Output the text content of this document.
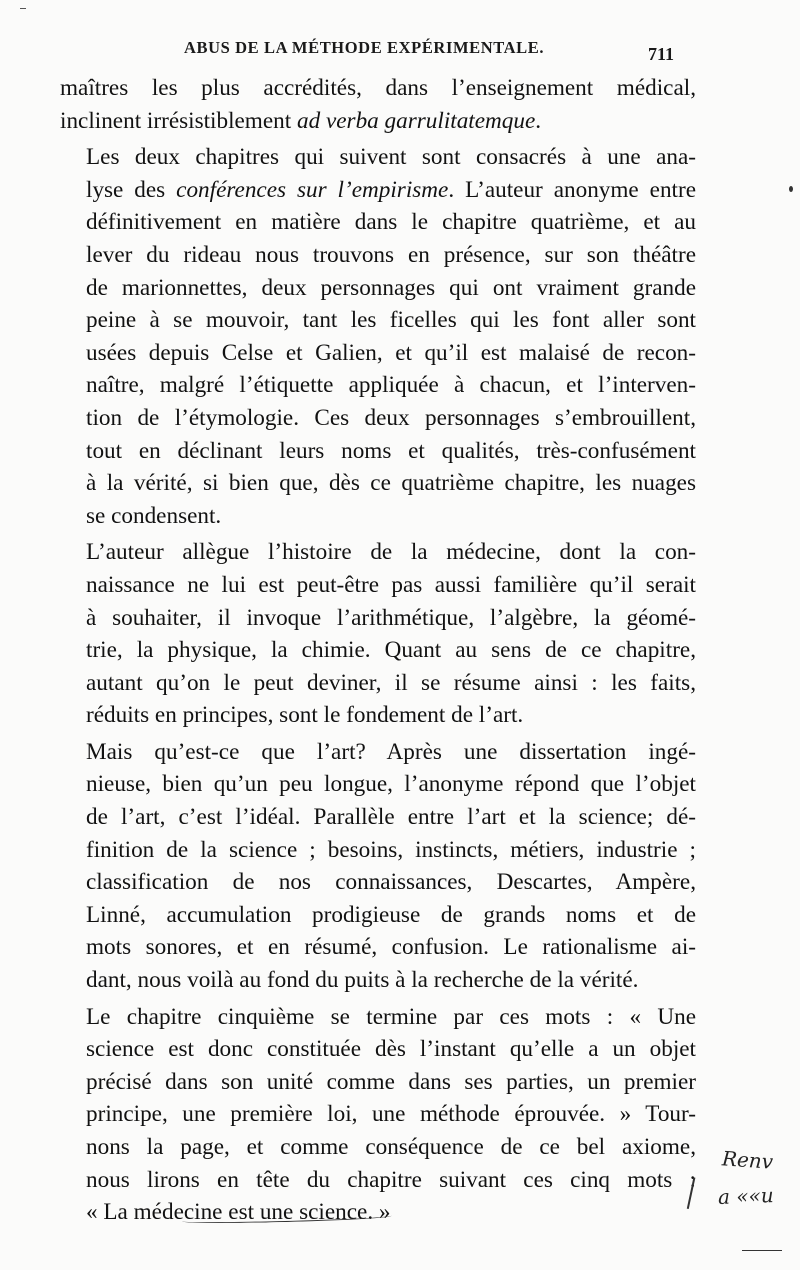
ABUS DE LA MÉTHODE EXPÉRIMENTALE.	711

maîtres les plus accrédités, dans l’enseignement médical,
inclinent irrésistiblement ad verba garrulitatemque.

Les deux chapitres qui suivent sont consacrés à une ana-
lyse des conférences sur l’empirisme. L’auteur anonyme entre
définitivement en matière dans le chapitre quatrième, et au
lever du rideau nous trouvons en présence, sur son théâtre
de marionnettes, deux personnages qui ont vraiment grande
peine à se mouvoir, tant les ficelles qui les font aller sont
usées depuis Celse et Galien, et qu’il est malaisé de recon-
naître, malgré l’étiquette appliquée à chacun, et l’interven-
tion de l’étymologie. Ces deux personnages s’embrouillent,
tout en déclinant leurs noms et qualités, très-confusément
à la vérité, si bien que, dès ce quatrième chapitre, les nuages
se condensent.

L’auteur allègue l’histoire de la médecine, dont la con-
naissance ne lui est peut-être pas aussi familière qu’il serait
à souhaiter, il invoque l’arithmétique, l’algèbre, la géomé-
trie, la physique, la chimie. Quant au sens de ce chapitre,
autant qu’on le peut deviner, il se résume ainsi : les faits,
réduits en principes, sont le fondement de l’art.

Mais qu’est-ce que l’art? Après une dissertation ingé-
nieuse, bien qu’un peu longue, l’anonyme répond que l’objet
de l’art, c’est l’idéal. Parallèle entre l’art et la science; dé-
finition de la science ; besoins, instincts, métiers, industrie ;
classification de nos connaissances, Descartes, Ampère,
Linné, accumulation prodigieuse de grands noms et de
mots sonores, et en résumé, confusion. Le rationalisme ai-
dant, nous voilà au fond du puits à la recherche de la vérité.

Le chapitre cinquième se termine par ces mots : « Une
science est donc constituée dès l’instant qu’elle a un objet
précisé dans son unité comme dans ses parties, un premier
principe, une première loi, une méthode éprouvée. » Tour-
nons la page, et comme conséquence de ce bel axiome,
nous lirons en tête du chapitre suivant ces cinq mots :
« La médecine est une science. »

Renv
a ««u
